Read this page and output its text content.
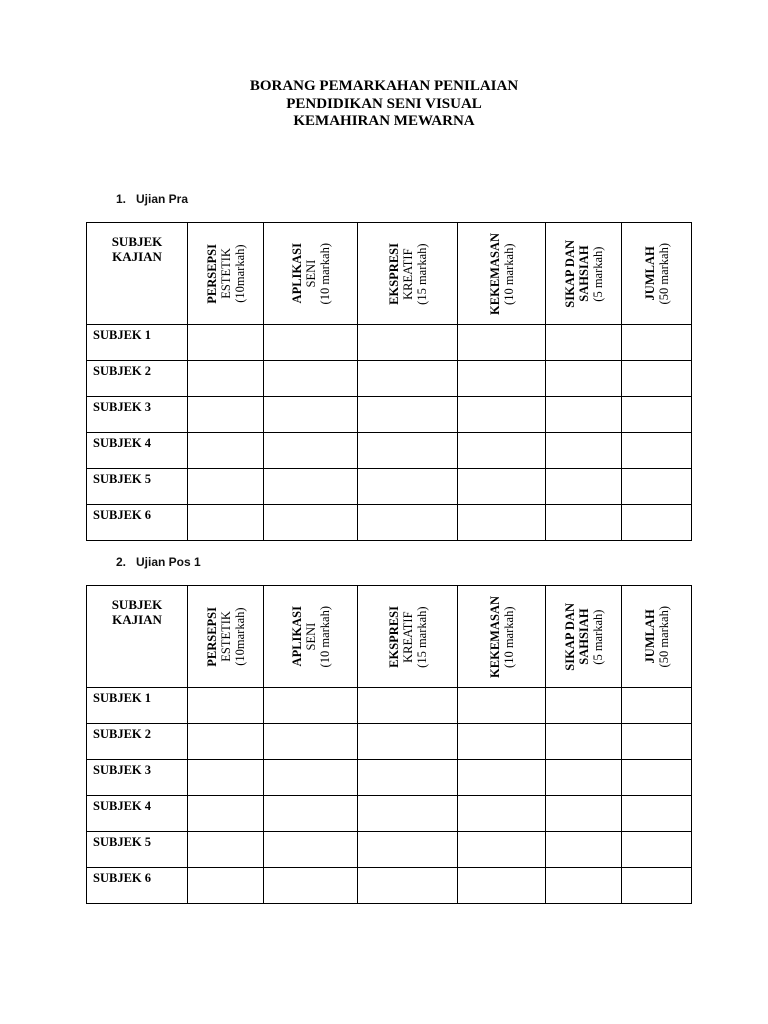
BORANG PEMARKAHAN PENILAIAN
PENDIDIKAN SENI VISUAL
KEMAHIRAN MEWARNA
1. Ujian Pra
SUBJEK
KAJIAN	PERSEPSI ESTETIK (10markah)	APLIKASI SENI (10 markah)	EKSPRESI KREATIF (15 markah)	KEKEMASAN (10 markah)	SIKAP DAN SAHSIAH (5 markah)	JUMLAH (50 markah)

SUBJEK 1						
SUBJEK 2						
SUBJEK 3						
SUBJEK 4						
SUBJEK 5						
SUBJEK 6						
2. Ujian Pos 1
SUBJEK
KAJIAN	PERSEPSI ESTETIK (10markah)	APLIKASI SENI (10 markah)	EKSPRESI KREATIF (15 markah)	KEKEMASAN (10 markah)	SIKAP DAN SAHSIAH (5 markah)	JUMLAH (50 markah)

SUBJEK 1						
SUBJEK 2						
SUBJEK 3						
SUBJEK 4						
SUBJEK 5						
SUBJEK 6						
